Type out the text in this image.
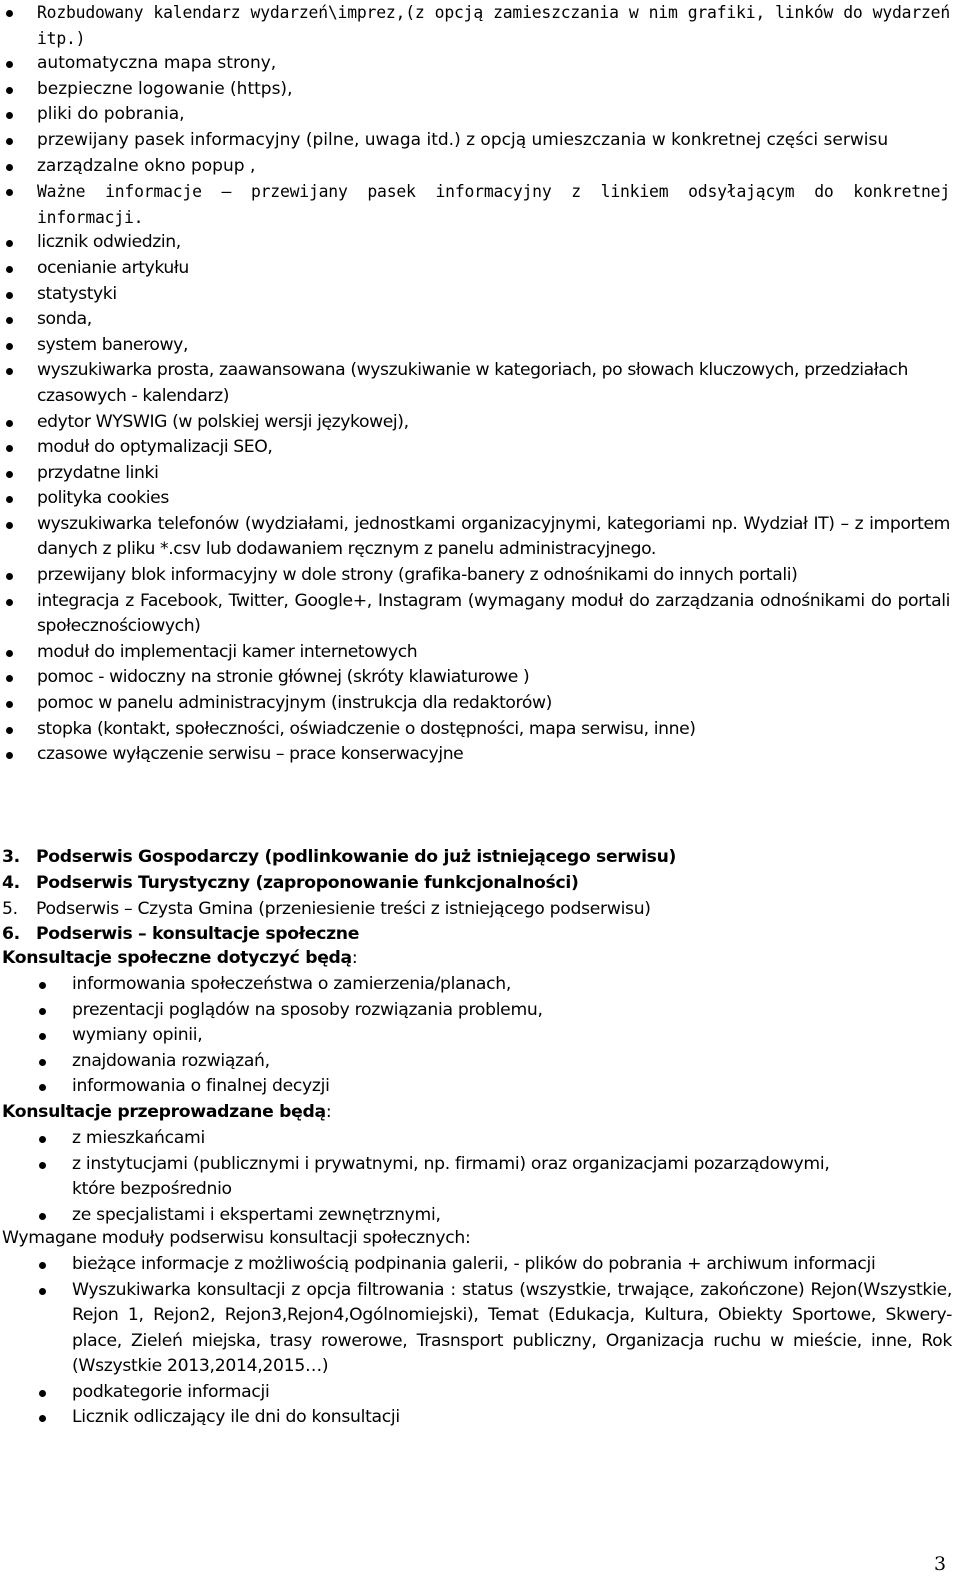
Rozbudowany kalendarz wydarzeń\imprez,(z opcją zamieszczania w nim grafiki, linków do wydarzeń itp.)
automatyczna mapa strony,
bezpieczne logowanie (https),
pliki do pobrania,
przewijany pasek informacyjny (pilne, uwaga itd.) z opcją umieszczania w konkretnej części serwisu
zarządzalne okno popup ,
Ważne informacje – przewijany pasek informacyjny z linkiem odsyłającym do konkretnej informacji.
licznik odwiedzin,
ocenianie artykułu
statystyki
sonda,
system banerowy,
wyszukiwarka prosta, zaawansowana (wyszukiwanie w kategoriach, po słowach kluczowych, przedziałach czasowych - kalendarz)
edytor WYSWIG (w polskiej wersji językowej),
moduł do optymalizacji SEO,
przydatne linki
polityka cookies
wyszukiwarka telefonów (wydziałami, jednostkami organizacyjnymi, kategoriami np. Wydział IT) – z importem danych z pliku *.csv lub dodawaniem ręcznym z panelu administracyjnego.
przewijany blok informacyjny w dole strony (grafika-banery z odnośnikami do innych portali)
integracja z Facebook, Twitter, Google+, Instagram (wymagany moduł do zarządzania odnośnikami do portali społecznościowych)
moduł do implementacji kamer internetowych
pomoc - widoczny na stronie głównej (skróty klawiaturowe )
pomoc w panelu administracyjnym (instrukcja dla redaktorów)
stopka (kontakt, społeczności, oświadczenie o dostępności, mapa serwisu, inne)
czasowe wyłączenie serwisu – prace konserwacyjne
3. Podserwis Gospodarczy (podlinkowanie do już istniejącego serwisu)
4. Podserwis Turystyczny (zaproponowanie funkcjonalności)
5. Podserwis – Czysta Gmina (przeniesienie treści z istniejącego podserwisu)
6. Podserwis – konsultacje społeczne
Konsultacje społeczne dotyczyć będą:
informowania społeczeństwa o zamierzenia/planach,
prezentacji poglądów na sposoby rozwiązania problemu,
wymiany opinii,
znajdowania rozwiązań,
informowania o finalnej decyzji
Konsultacje przeprowadzane będą:
z mieszkańcami
z instytucjami (publicznymi i prywatnymi, np. firmami) oraz organizacjami pozarządowymi, które bezpośrednio
ze specjalistami i ekspertami zewnętrznymi,
Wymagane moduły podserwisu konsultacji społecznych:
bieżące informacje z możliwością podpinania galerii, - plików do pobrania + archiwum informacji
Wyszukiwarka konsultacji z opcja filtrowania : status (wszystkie, trwające, zakończone) Rejon(Wszystkie, Rejon 1, Rejon2, Rejon3,Rejon4,Ogólnomiejski), Temat (Edukacja, Kultura, Obiekty Sportowe, Skwery- place, Zieleń miejska, trasy rowerowe, Trasnsport publiczny, Organizacja ruchu w mieście, inne, Rok (Wszystkie 2013,2014,2015…)
podkategorie informacji
Licznik odliczający ile dni do konsultacji
3
